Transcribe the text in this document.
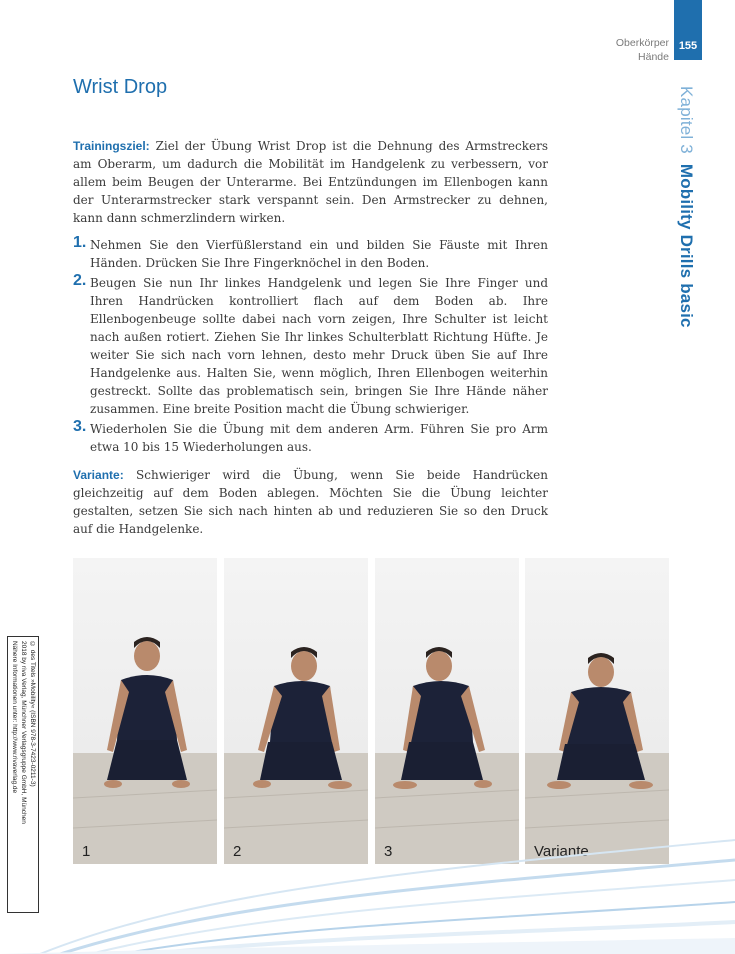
Oberkörper
Hände
155
Kapitel 3  Mobility Drills basic
Wrist Drop

Trainingsziel: Ziel der Übung Wrist Drop ist die Dehnung des Armstreckers am Oberarm, um dadurch die Mobilität im Handgelenk zu verbessern, vor allem beim Beugen der Unterarme. Bei Entzündungen im Ellenbogen kann der Unterarmstrecker stark verspannt sein. Den Armstrecker zu dehnen, kann dann schmerzlindern wirken.

1. Nehmen Sie den Vierfüßlerstand ein und bilden Sie Fäuste mit Ihren Händen. Drücken Sie Ihre Fingerknöchel in den Boden.
2. Beugen Sie nun Ihr linkes Handgelenk und legen Sie Ihre Finger und Ihren Handrücken kontrolliert flach auf dem Boden ab. Ihre Ellenbogenbeuge sollte dabei nach vorn zeigen, Ihre Schulter ist leicht nach außen rotiert. Ziehen Sie Ihr linkes Schulterblatt Richtung Hüfte. Je weiter Sie sich nach vorn lehnen, desto mehr Druck üben Sie auf Ihre Handgelenke aus. Halten Sie, wenn möglich, Ihren Ellenbogen weiterhin gestreckt. Sollte das problematisch sein, bringen Sie Ihre Hände näher zusammen. Eine breite Position macht die Übung schwieriger.
3. Wiederholen Sie die Übung mit dem anderen Arm. Führen Sie pro Arm etwa 10 bis 15 Wiederholungen aus.

Variante: Schwieriger wird die Übung, wenn Sie beide Handrücken gleichzeitig auf dem Boden ablegen. Möchten Sie die Übung leichter gestalten, setzen Sie sich nach hinten ab und reduzieren Sie so den Druck auf die Handgelenke.

1	2	3	Variante
© des Titels »Mobility« (ISBN 978-3-7423-0211-3)
2018 by riva Verlag, Münchner Verlagsgruppe GmbH, München
Nähere Informationen unter: http://www.rivaverlag.de
